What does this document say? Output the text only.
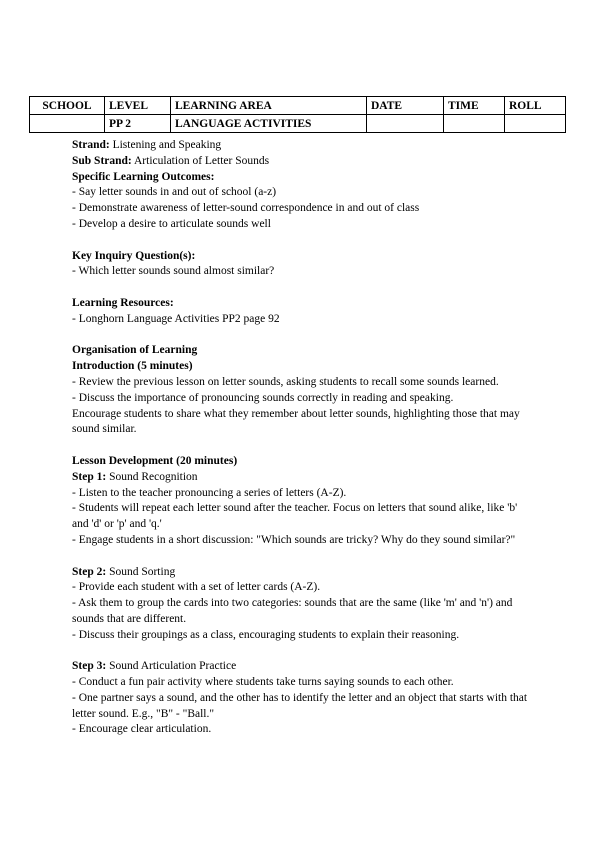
SCHOOL	LEVEL	LEARNING AREA	DATE	TIME	ROLL
	PP 2	LANGUAGE ACTIVITIES			

Strand: Listening and Speaking

Sub Strand: Articulation of Letter Sounds

Specific Learning Outcomes:

- Say letter sounds in and out of school (a-z)

- Demonstrate awareness of letter-sound correspondence in and out of class

- Develop a desire to articulate sounds well

Key Inquiry Question(s):

- Which letter sounds sound almost similar?

Learning Resources:

- Longhorn Language Activities PP2 page 92

Organisation of Learning

Introduction (5 minutes)

- Review the previous lesson on letter sounds, asking students to recall some sounds learned.

- Discuss the importance of pronouncing sounds correctly in reading and speaking.

Encourage students to share what they remember about letter sounds, highlighting those that may sound similar.

Lesson Development (20 minutes)

Step 1: Sound Recognition

- Listen to the teacher pronouncing a series of letters (A-Z).

- Students will repeat each letter sound after the teacher. Focus on letters that sound alike, like 'b' and 'd' or 'p' and 'q.'

- Engage students in a short discussion: "Which sounds are tricky? Why do they sound similar?"

Step 2: Sound Sorting

- Provide each student with a set of letter cards (A-Z).

- Ask them to group the cards into two categories: sounds that are the same (like 'm' and 'n') and sounds that are different.

- Discuss their groupings as a class, encouraging students to explain their reasoning.

Step 3: Sound Articulation Practice

- Conduct a fun pair activity where students take turns saying sounds to each other.

- One partner says a sound, and the other has to identify the letter and an object that starts with that letter sound. E.g., "B" - "Ball."

- Encourage clear articulation.
